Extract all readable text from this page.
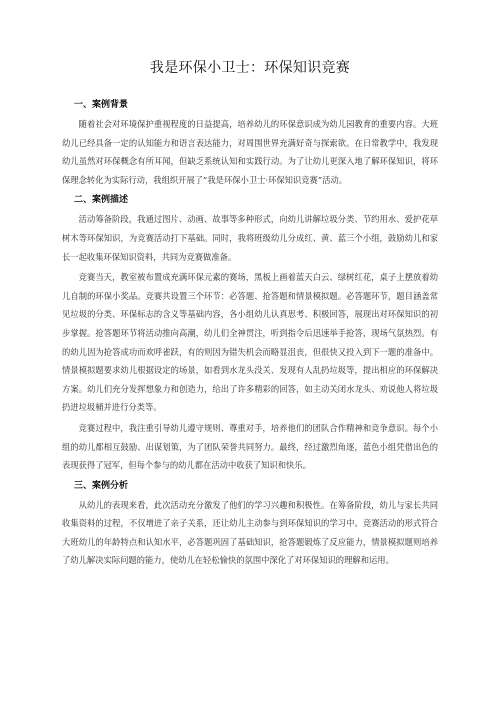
我是环保小卫士：环保知识竞赛
一、案例背景

随着社会对环境保护重视程度的日益提高，培养幼儿的环保意识成为幼儿园教育的重要内容。大班幼儿已经具备一定的认知能力和语言表达能力，对周围世界充满好奇与探索欲。在日常教学中，我发现幼儿虽然对环保概念有所耳闻，但缺乏系统认知和实践行动。为了让幼儿更深入地了解环保知识，将环保理念转化为实际行动，我组织开展了“我是环保小卫士·环保知识竞赛”活动。

二、案例描述

活动筹备阶段，我通过图片、动画、故事等多种形式，向幼儿讲解垃圾分类、节约用水、爱护花草树木等环保知识，为竞赛活动打下基础。同时，我将班级幼儿分成红、黄、蓝三个小组，鼓励幼儿和家长一起收集环保知识资料，共同为竞赛做准备。

竞赛当天，教室被布置成充满环保元素的赛场，黑板上画着蓝天白云、绿树红花，桌子上摆放着幼儿自制的环保小奖品。竞赛共设置三个环节：必答题、抢答题和情景模拟题。必答题环节，题目涵盖常见垃圾的分类、环保标志的含义等基础内容，各小组幼儿认真思考、积极回答，展现出对环保知识的初步掌握。抢答题环节将活动推向高潮，幼儿们全神贯注，听到指令后迅速举手抢答，现场气氛热烈。有的幼儿因为抢答成功而欢呼雀跃，有的则因为错失机会而略显沮丧，但很快又投入到下一题的准备中。情景模拟题要求幼儿根据设定的场景，如看到水龙头没关、发现有人乱扔垃圾等，提出相应的环保解决方案。幼儿们充分发挥想象力和创造力，给出了许多精彩的回答，如主动关闭水龙头、劝说他人将垃圾扔进垃圾桶并进行分类等。

竞赛过程中，我注重引导幼儿遵守规则、尊重对手，培养他们的团队合作精神和竞争意识。每个小组的幼儿都相互鼓励、出谋划策，为了团队荣誉共同努力。最终，经过激烈角逐，蓝色小组凭借出色的表现获得了冠军，但每个参与的幼儿都在活动中收获了知识和快乐。

三、案例分析

从幼儿的表现来看，此次活动充分激发了他们的学习兴趣和积极性。在筹备阶段，幼儿与家长共同收集资料的过程，不仅增进了亲子关系，还让幼儿主动参与到环保知识的学习中。竞赛活动的形式符合大班幼儿的年龄特点和认知水平，必答题巩固了基础知识，抢答题锻炼了反应能力，情景模拟题则培养了幼儿解决实际问题的能力，使幼儿在轻松愉快的氛围中深化了对环保知识的理解和运用。
